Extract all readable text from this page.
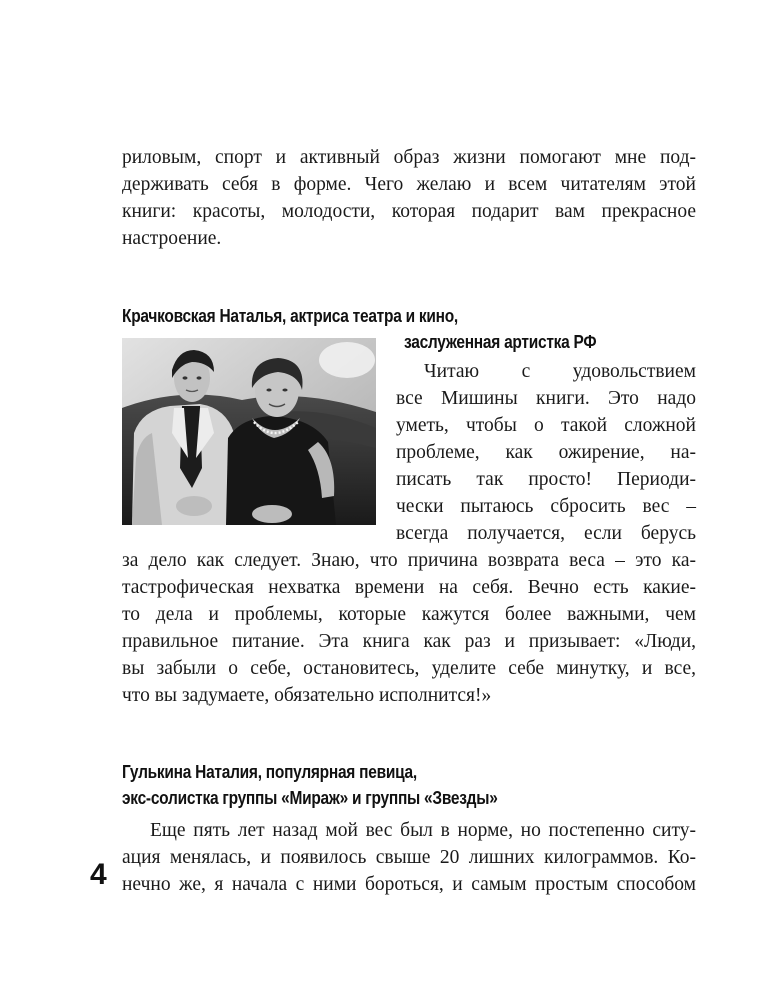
риловым, спорт и активный образ жизни помогают мне под-
держивать себя в форме. Чего желаю и всем читателям этой
книги: красоты, молодости, которая подарит вам прекрасное
настроение.
Крачковская Наталья, актриса театра и кино,
заслуженная артистка РФ
Читаю с удовольствием
все Мишины книги. Это надо
уметь, чтобы о такой сложной
проблеме, как ожирение, на-
писать так просто! Периоди-
чески пытаюсь сбросить вес –
всегда получается, если берусь
за дело как следует. Знаю, что причина возврата веса – это ка-
тастрофическая нехватка времени на себя. Вечно есть какие-
то дела и проблемы, которые кажутся более важными, чем
правильное питание. Эта книга как раз и призывает: «Люди,
вы забыли о себе, остановитесь, уделите себе минутку, и все,
что вы задумаете, обязательно исполнится!»
Гулькина Наталия, популярная певица,
экс-солистка группы «Мираж» и группы «Звезды»
Еще пять лет назад мой вес был в норме, но постепенно ситу-
ация менялась, и появилось свыше 20 лишних килограммов. Ко-
нечно же, я начала с ними бороться, и самым простым способом
4
